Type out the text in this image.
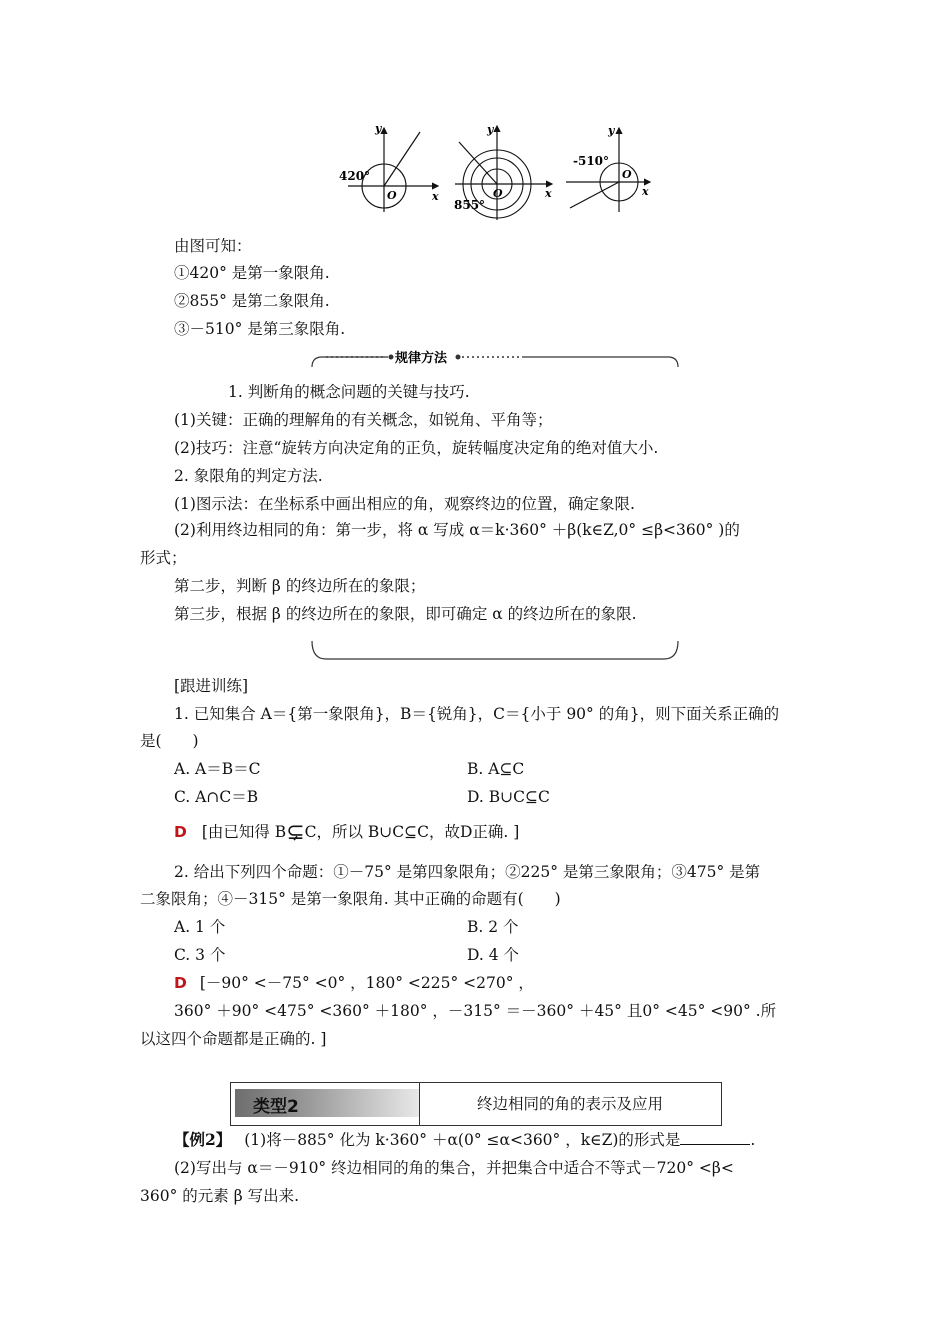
y
x
O
420°
y
x
O
855°
y
x
O
-510°
由图可知：
①420° 是第一象限角.
②855° 是第二象限角.
③－510° 是第三象限角.
规律方法
1. 判断角的概念问题的关键与技巧.
(1)关键：正确的理解角的有关概念，如锐角、平角等；
(2)技巧：注意“旋转方向决定角的正负，旋转幅度决定角的绝对值大小.
2. 象限角的判定方法.
(1)图示法：在坐标系中画出相应的角，观察终边的位置，确定象限.
(2)利用终边相同的角：第一步，将 α 写成 α＝k·360° ＋β(k∈Z,0° ≤β<360° )的
形式；
第二步，判断 β 的终边所在的象限；
第三步，根据 β 的终边所在的象限，即可确定 α 的终边所在的象限.
[跟进训练]
1. 已知集合 A＝{第一象限角}，B＝{锐角}，C＝{小于 90° 的角}，则下面关系正确的
是(　　)
A. A＝B＝C	B. A⊆C
C. A∩C＝B	D. B∪C⊆C
D [由已知得 B⊊C，所以 B∪C⊆C，故D正确. ]
2. 给出下列四个命题：①－75° 是第四象限角；②225° 是第三象限角；③475° 是第
二象限角；④－315° 是第一象限角. 其中正确的命题有(　　)
A. 1 个	B. 2 个
C. 3 个	D. 4 个
D [－90° <－75° <0° ，180° <225° <270° ，
360° ＋90° <475° <360° ＋180° ，－315° ＝－360° ＋45° 且0° <45° <90° .所
以这四个命题都是正确的. ]
类型2	终边相同的角的表示及应用
【例2】 (1)将－885° 化为 k·360° ＋α(0° ≤α<360° ，k∈Z)的形式是	.
(2)写出与 α＝－910° 终边相同的角的集合，并把集合中适合不等式－720° <β<
360° 的元素 β 写出来.
